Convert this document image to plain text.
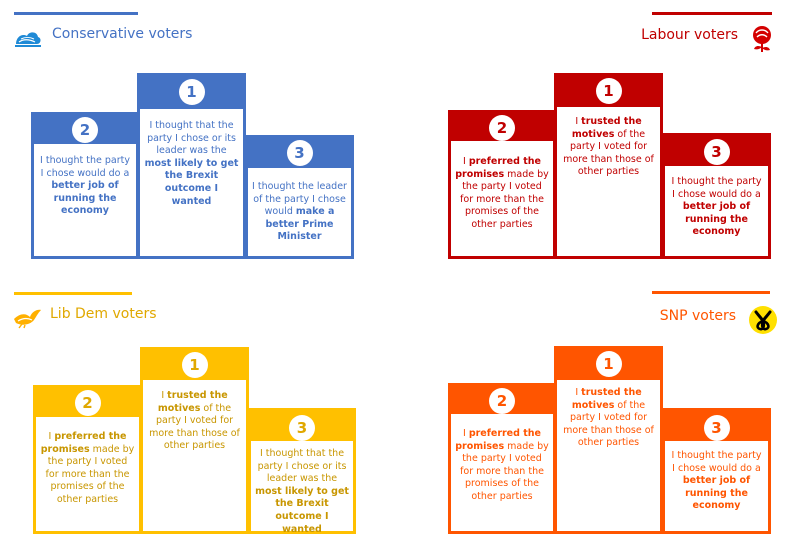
Conservative voters
2
I thought the party I chose would do a better job of running the economy
1
I thought that the party I chose or its leader was the most likely to get the Brexit outcome I wanted
3
I thought the leader of the party I chose would make a better Prime Minister
Labour voters
2
I preferred the promises made by the party I voted for more than the promises of the other parties
1
I trusted the motives of the party I voted for more than those of other parties
3
I thought the party I chose would do a better job of running the economy
Lib Dem voters
2
I preferred the promises made by the party I voted for more than the promises of the other parties
1
I trusted the motives of the party I voted for more than those of other parties
3
I thought that the party I chose or its leader was the most likely to get the Brexit outcome I wanted
SNP voters
2
I preferred the promises made by the party I voted for more than the promises of the other parties
1
I trusted the motives of the party I voted for more than those of other parties
3
I thought the party I chose would do a better job of running the economy
